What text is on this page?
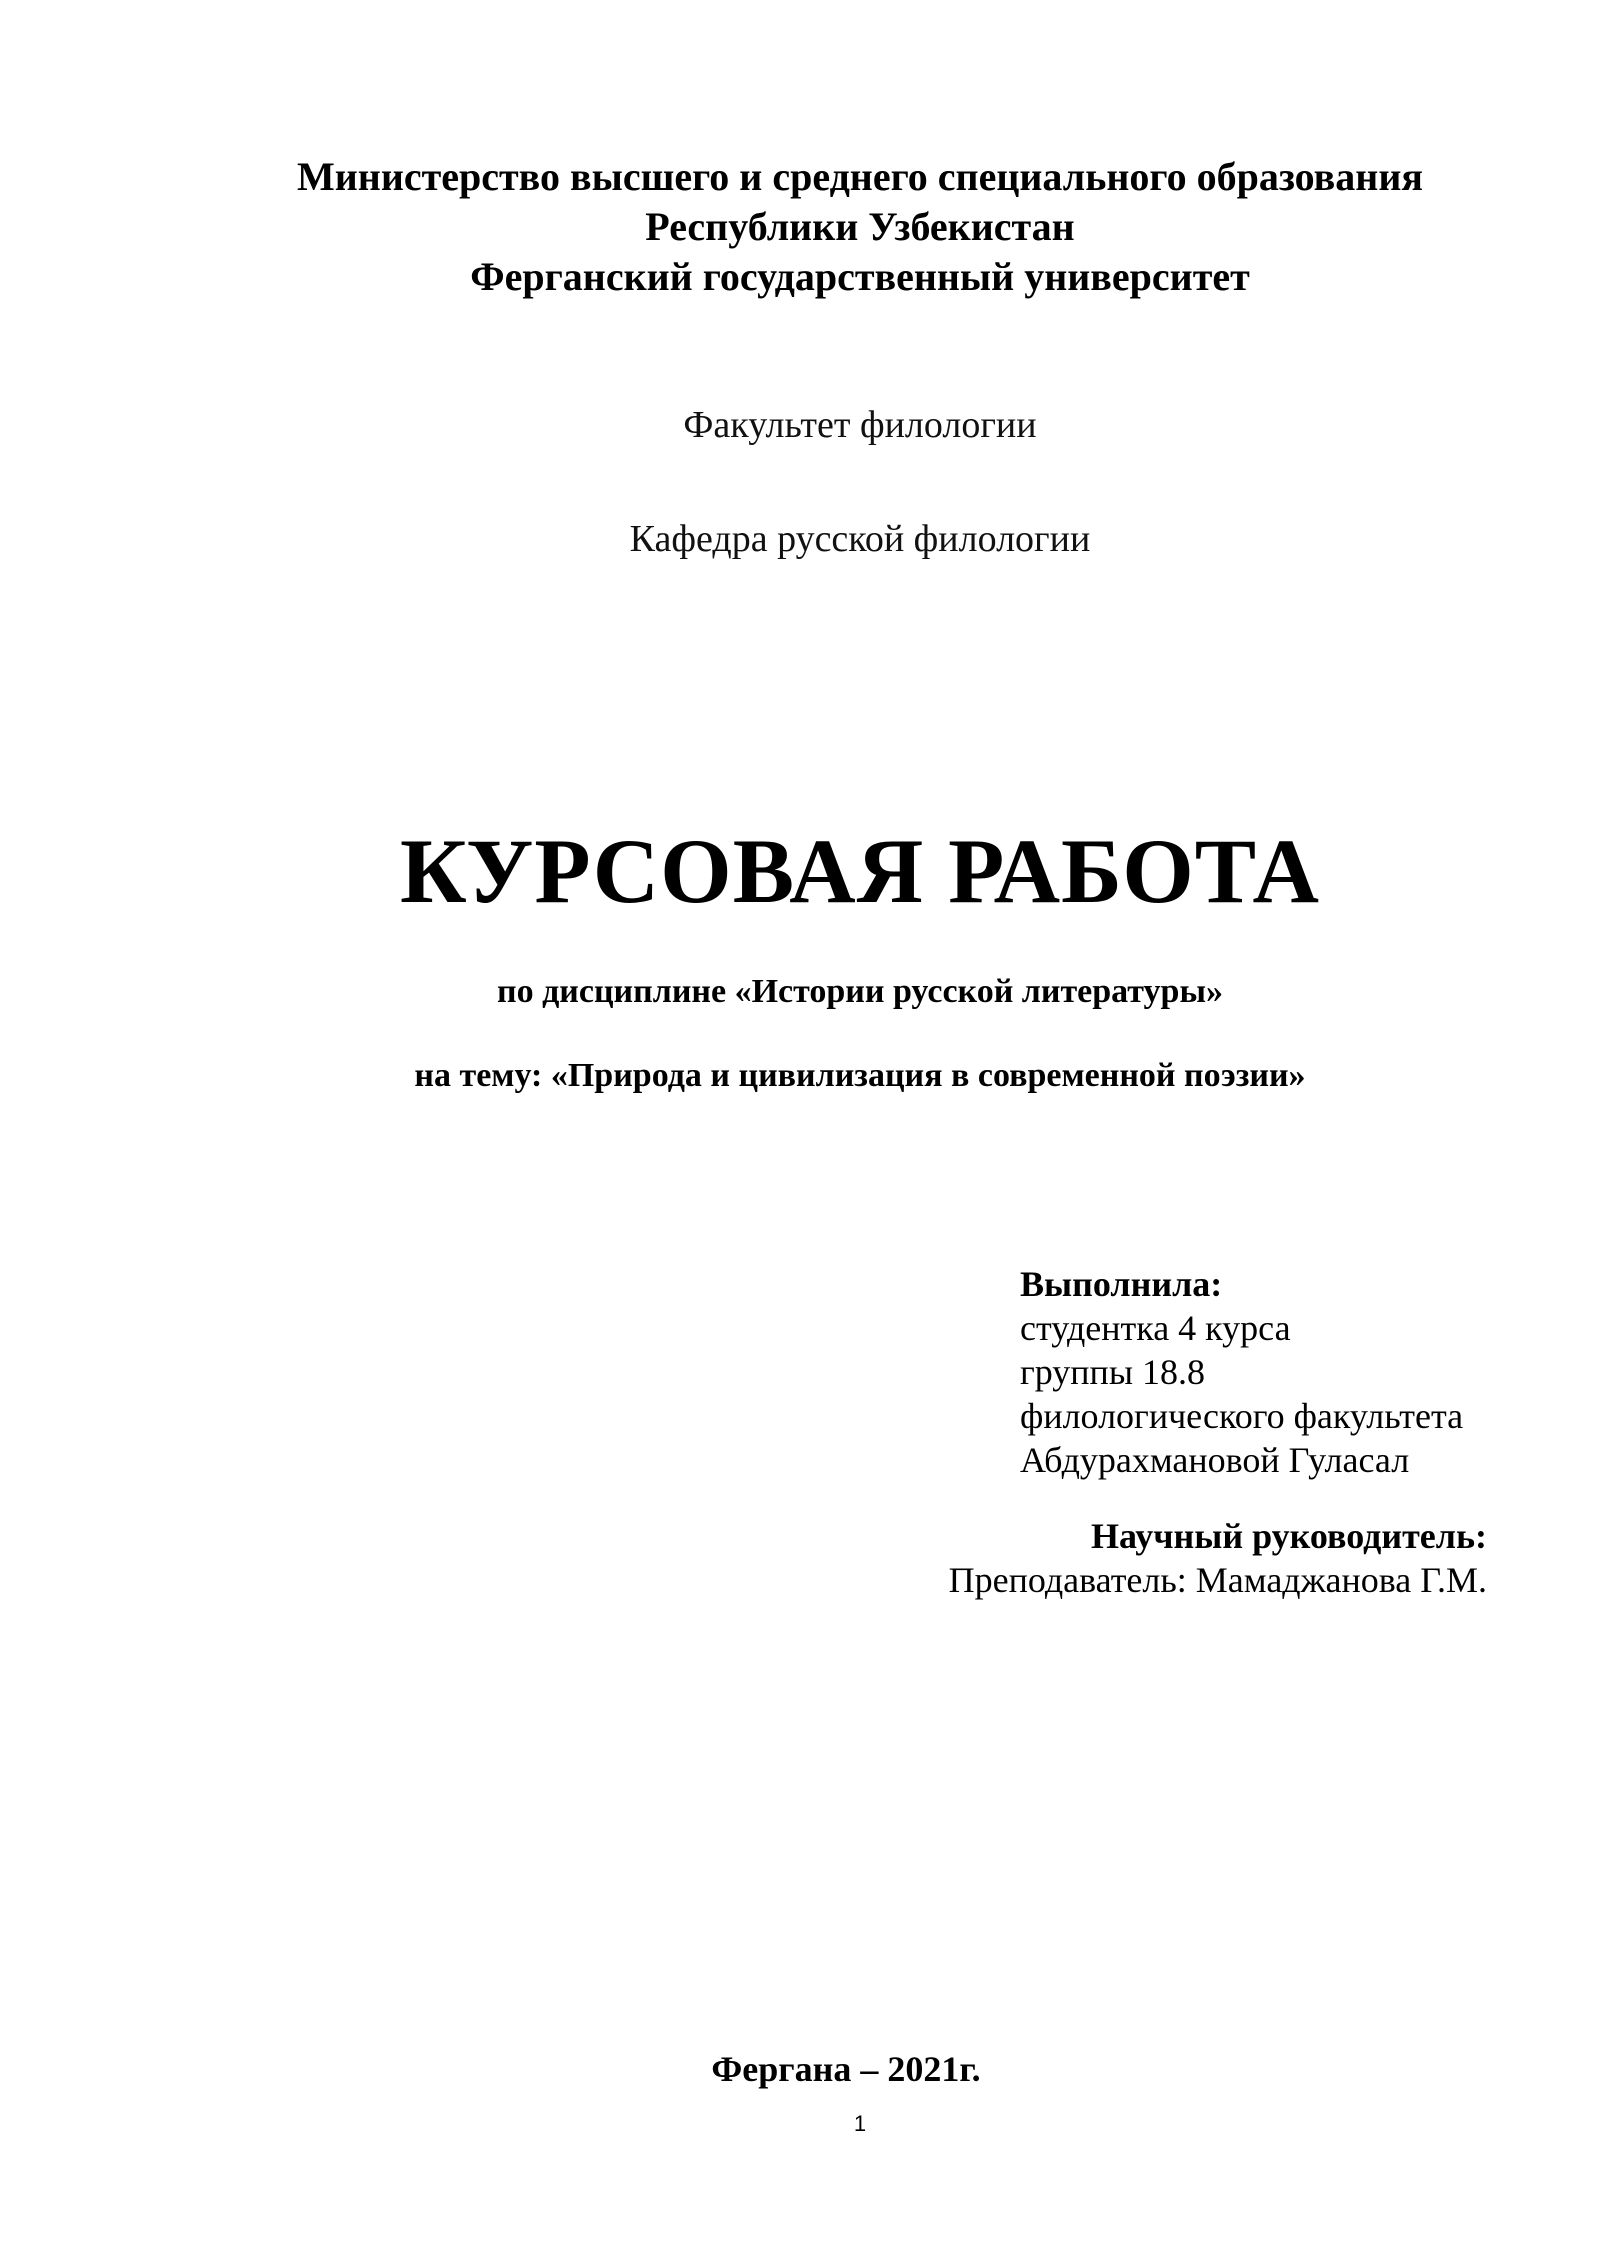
Министерство высшего и среднего специального образования
Республики Узбекистан
Ферганский государственный университет
Факультет филологии
Кафедра русской филологии
КУРСОВАЯ РАБОТА
по дисциплине «Истории русской литературы»
на тему: «Природа и цивилизация в современной поэзии»
Выполнила:
студентка 4 курса
группы 18.8
филологического факультета
Абдурахмановой Гуласал
Научный руководитель:
Преподаватель: Мамаджанова Г.М.
Фергана – 2021г.
1
